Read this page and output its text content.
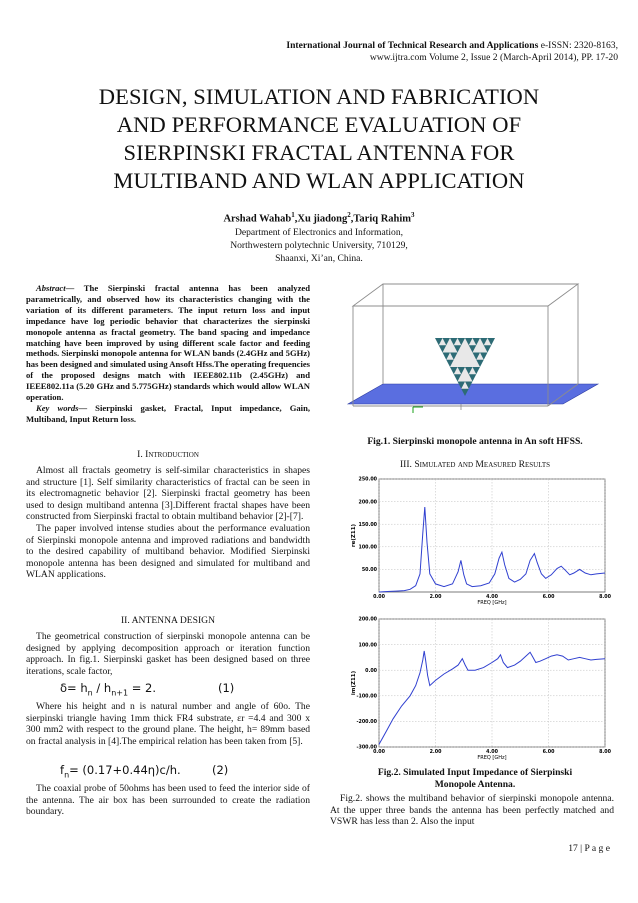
International Journal of Technical Research and Applications e-ISSN: 2320-8163,
www.ijtra.com Volume 2, Issue 2 (March-April 2014), PP. 17-20
DESIGN, SIMULATION AND FABRICATION
AND PERFORMANCE EVALUATION OF
SIERPINSKI FRACTAL ANTENNA FOR
MULTIBAND AND WLAN APPLICATION
Arshad Wahab$^1$,Xu jiadong$^2$,Tariq Rahim$^3$
Department of Electronics and Information,
Northwestern polytechnic University, 710129,
Shaanxi, Xi’an, China.
Abstract— The Sierpinski fractal antenna has been analyzed parametrically, and observed how its characteristics changing with the variation of its different parameters. The input return loss and input impedance have log periodic behavior that characterizes the sierpinski monopole antenna as fractal geometry. The band spacing and impedance matching have been improved by using different scale factor and feeding methods. Sierpinski monopole antenna for WLAN bands (2.4GHz and 5GHz) has been designed and simulated using Ansoft Hfss.The operating frequencies of the proposed designs match with IEEE802.11b (2.45GHz) and IEEE802.11a (5.20 GHz and 5.775GHz) standards which would allow WLAN operation.
Key words— Sierpinski gasket, Fractal, Input impedance, Gain, Multiband, Input Return loss.
I. Introduction

Almost all fractals geometry is self-similar characteristics in shapes and structure [1]. Self similarity characteristics of fractal can be seen in its electromagnetic behavior [2]. Sierpinski fractal geometry has been used to design multiband antenna [3].Different fractal shapes have been constructed from Sierpinski fractal to obtain multiband behavior [2]-[7].

The paper involved intense studies about the performance evaluation of Sierpinski monopole antenna and improved radiations and bandwidth to the desired capability of multiband behavior. Modified Sierpinski monopole antenna has been designed and simulated for multiband and WLAN applications.

II. ANTENNA DESIGN

The geometrical construction of sierpinski monopole antenna can be designed by applying decomposition approach or iteration function approach. In fig.1. Sierpinski gasket has been designed based on three iterations, scale factor,

$\delta= h_n / h_{n+1} = 2$.	(1)

Where his height and n is natural number and angle of 60o. The sierpinski triangle having 1mm thick FR4 substrate, εr =4.4 and 300 x 300 mm2 with respect to the ground plane. The height, h= 89mm based on fractal analysis in [4].The empirical relation has been taken from [5].

$f_n= (0.17+0.44\eta)c/h$.	(2)

The coaxial probe of 50ohms has been used to feed the interior side of the antenna. The air box has been surrounded to create the radiation boundary.

Fig.1. Sierpinski monopole antenna in An soft HFSS.
III. Simulated and Measured Results
0.00	2.00	4.00	6.00	8.00
250.00
200.00
150.00
100.00
50.00
FREQ [GHz]
re(Z11)
0.00	2.00	4.00	6.00	8.00
200.00
100.00
0.00
-100.00
-200.00
-300.00
FREQ [GHz]
im(Z11)
Fig.2. Simulated Input Impedance of Sierpinski
Monopole Antenna.

Fig.2. shows the multiband behavior of sierpinski monopole antenna. At the upper three bands the antenna has been perfectly matched and VSWR has less than 2. Also the input

17 | P a g e
